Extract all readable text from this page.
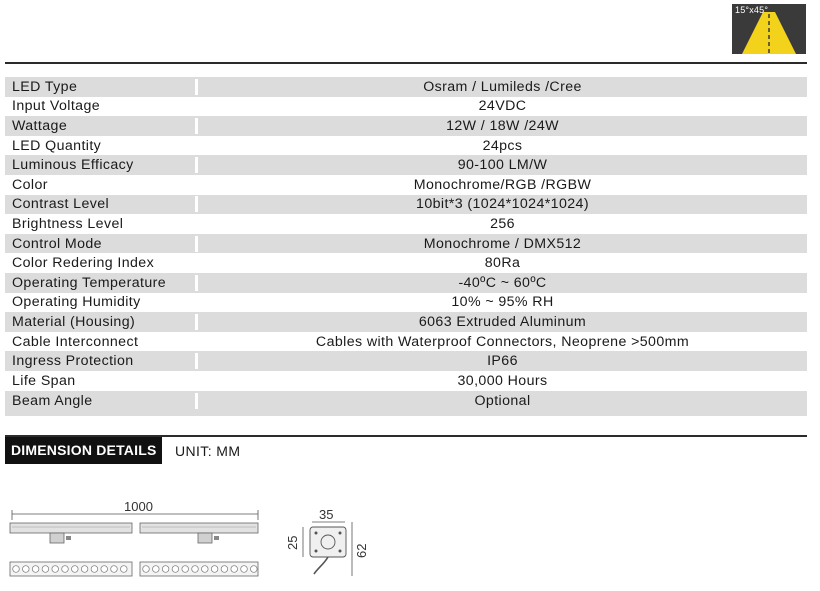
15°x45°
LED Type	Osram / Lumileds /Cree
Input Voltage	24VDC
Wattage	12W / 18W /24W
LED Quantity	24pcs
Luminous Efficacy	90-100 LM/W
Color	Monochrome/RGB /RGBW
Contrast Level	10bit*3 (1024*1024*1024)
Brightness Level	256
Control Mode	Monochrome / DMX512
Color Redering Index	80Ra
Operating Temperature	-40ºC ~ 60ºC
Operating Humidity	10% ~ 95% RH
Material (Housing)	6063 Extruded Aluminum
Cable Interconnect	Cables with Waterproof Connectors, Neoprene >500mm
Ingress Protection	IP66
Life Span	30,000 Hours
Beam Angle	Optional
DIMENSION DETAILS	UNIT: MM
1000
35
25
62
